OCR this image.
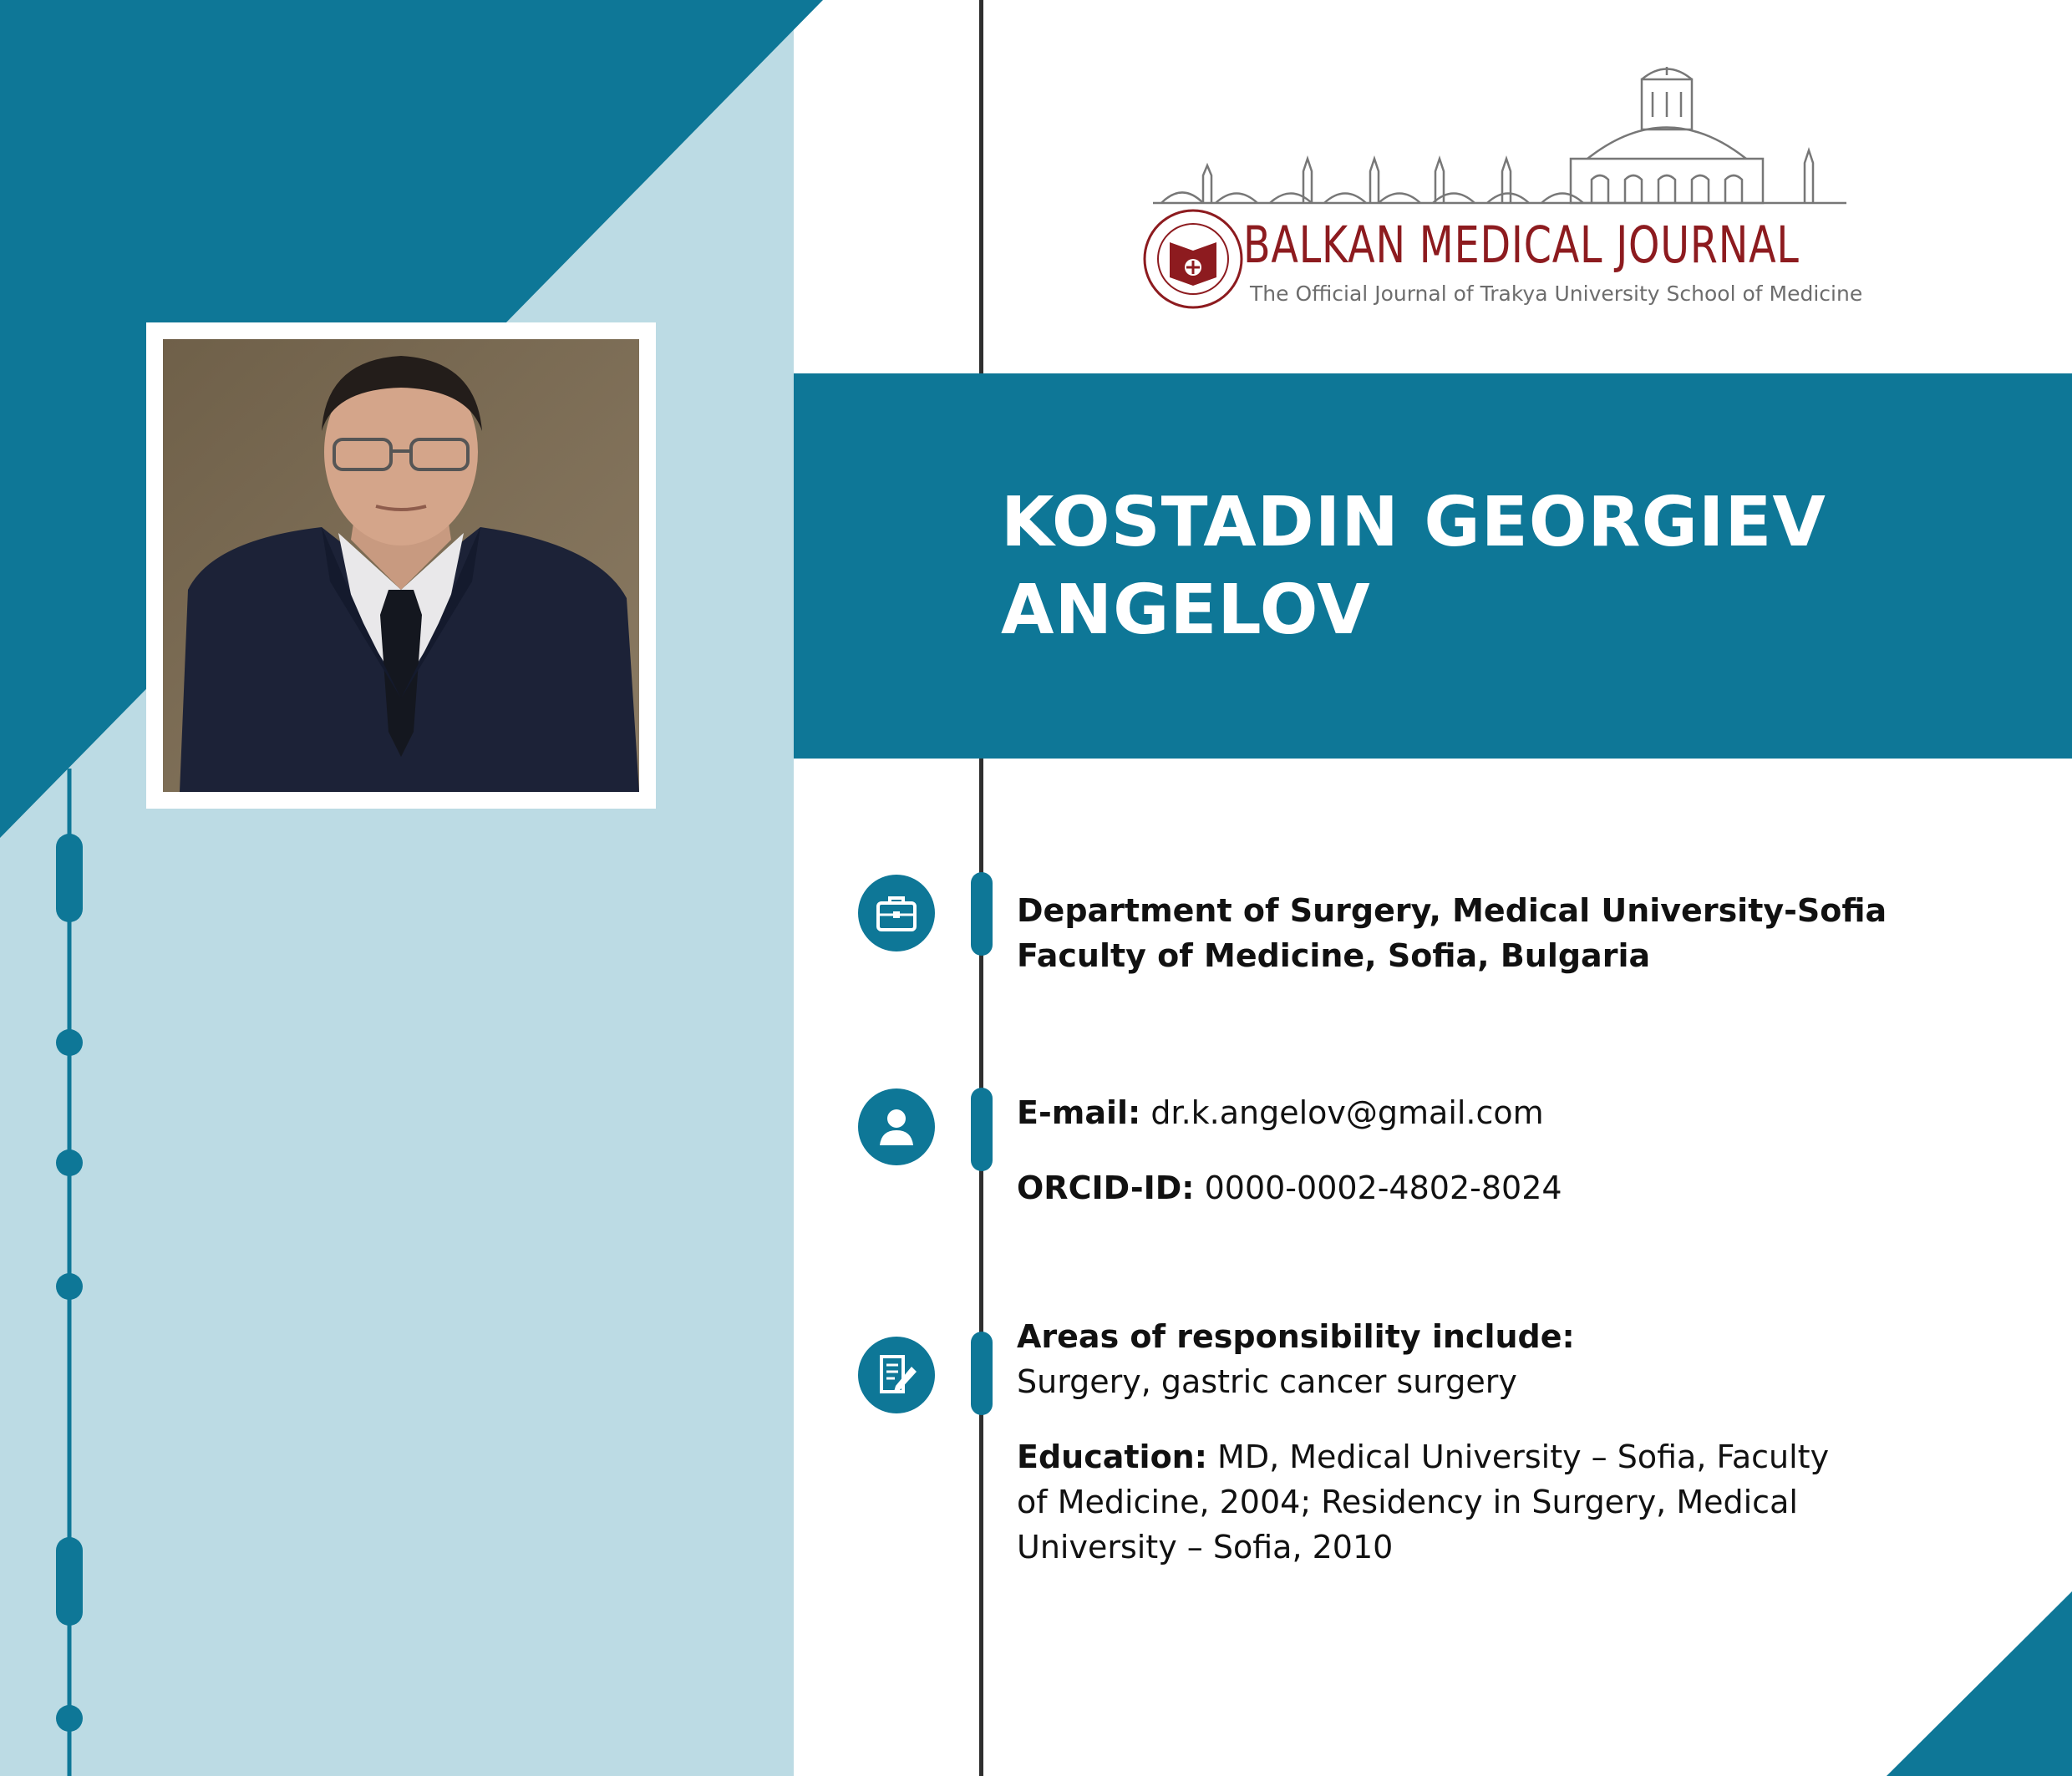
BALKAN MEDICAL JOURNAL
The Official Journal of Trakya University School of Medicine
KOSTADIN GEORGIEV
ANGELOV
Department of Surgery, Medical University-Sofia
Faculty of Medicine, Sofia, Bulgaria
E-mail: dr.k.angelov@gmail.com
ORCID-ID: 0000-0002-4802-8024
Areas of responsibility include:
Surgery, gastric cancer surgery
Education: MD, Medical University – Sofia, Faculty
of Medicine, 2004; Residency in Surgery, Medical
University – Sofia, 2010
